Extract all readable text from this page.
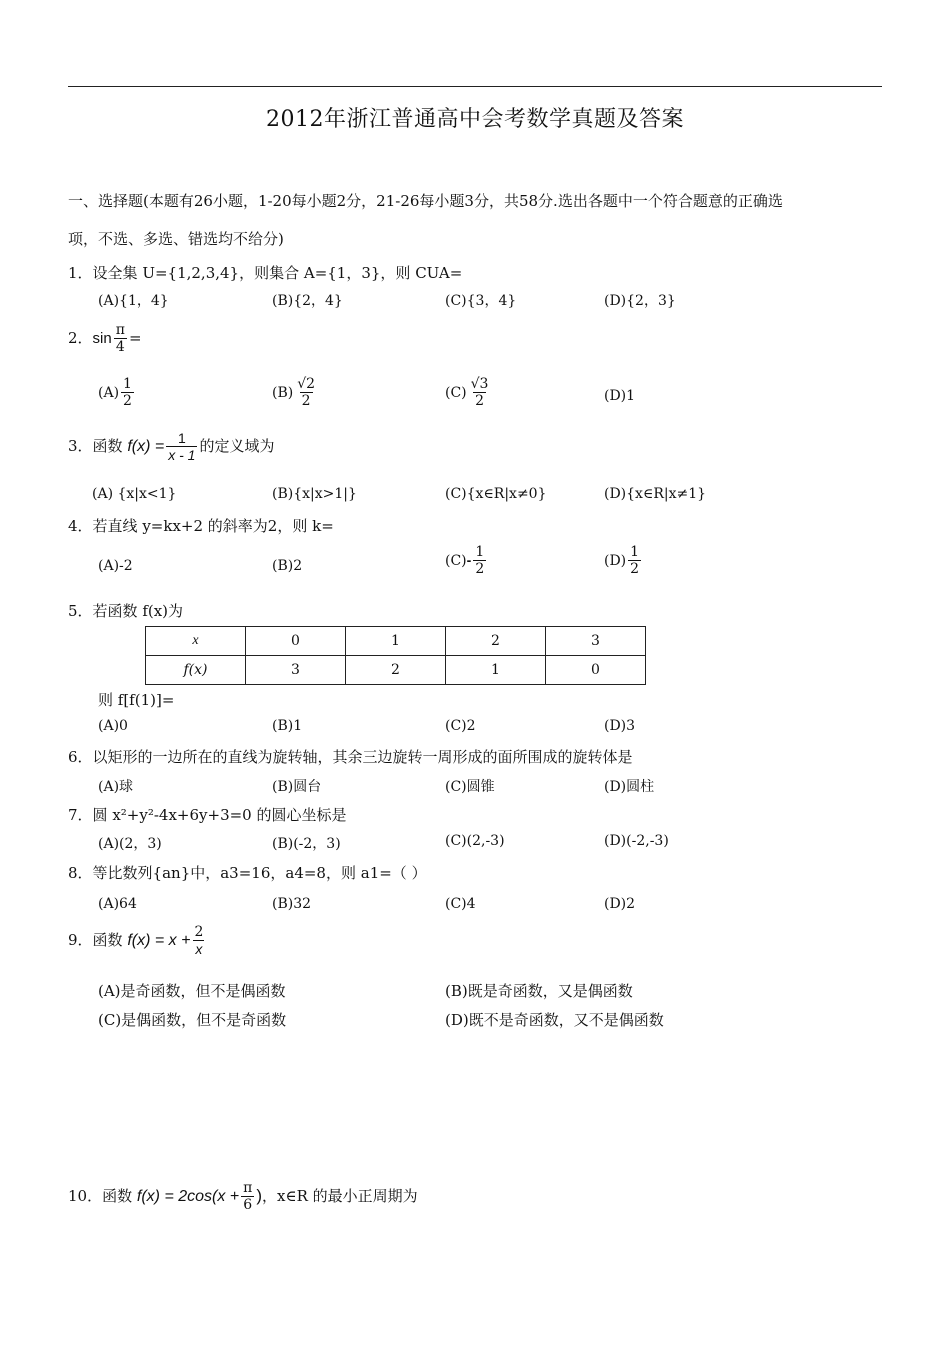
2012年浙江普通高中会考数学真题及答案
一、选择题(本题有26小题，1-20每小题2分，21-26每小题3分，共58分.选出各题中一个符合题意的正确选
项，不选、多选、错选均不给分)
1．设全集 U={1,2,3,4}，则集合 A={1，3}，则 CUA=
(A){1，4}	(B){2，4}	(C){3，4}	(D){2，3}
2．$\sin \frac{\pi}{4}$ =
$(A) \frac{1}{2}$	$(B) \frac{√2}{2}$	$(C) \frac{√3}{2}$	(D)1
3．函数 $f(x) = \frac{1}{x - 1}$ 的定义域为
(A) {x|x<1}	(B){x|x>1|}	(C){x∈R|x≠0}	(D){x∈R|x≠1}
4．若直线 y=kx+2 的斜率为2，则 k=
(A)-2	(B)2	$(C)- \frac{1}{2}$	$(D) \frac{1}{2}$
5．若函数 f(x)为
x	0	1	2	3
f(x)	3	2	1	0
则 f[f(1)]=
(A)0	(B)1	(C)2	(D)3
6．以矩形的一边所在的直线为旋转轴，其余三边旋转一周形成的面所围成的旋转体是
(A)球	(B)圆台	(C)圆锥	(D)圆柱
7．圆 x²+y²-4x+6y+3=0 的圆心坐标是
(A)(2，3)	(B)(-2，3)	(C)(2,-3)	(D)(-2,-3)
8．等比数列{an}中，a3=16，a4=8，则 a1=（ ）
(A)64	(B)32	(C)4	(D)2
9．函数 $f(x) = x + \frac{2}{x}$
(A)是奇函数，但不是偶函数	(B)既是奇函数，又是偶函数
(C)是偶函数，但不是奇函数	(D)既不是奇函数，又不是偶函数
10．函数 $f(x) = 2\cos(x + \frac{\pi}{6}$ )，x∈R 的最小正周期为
